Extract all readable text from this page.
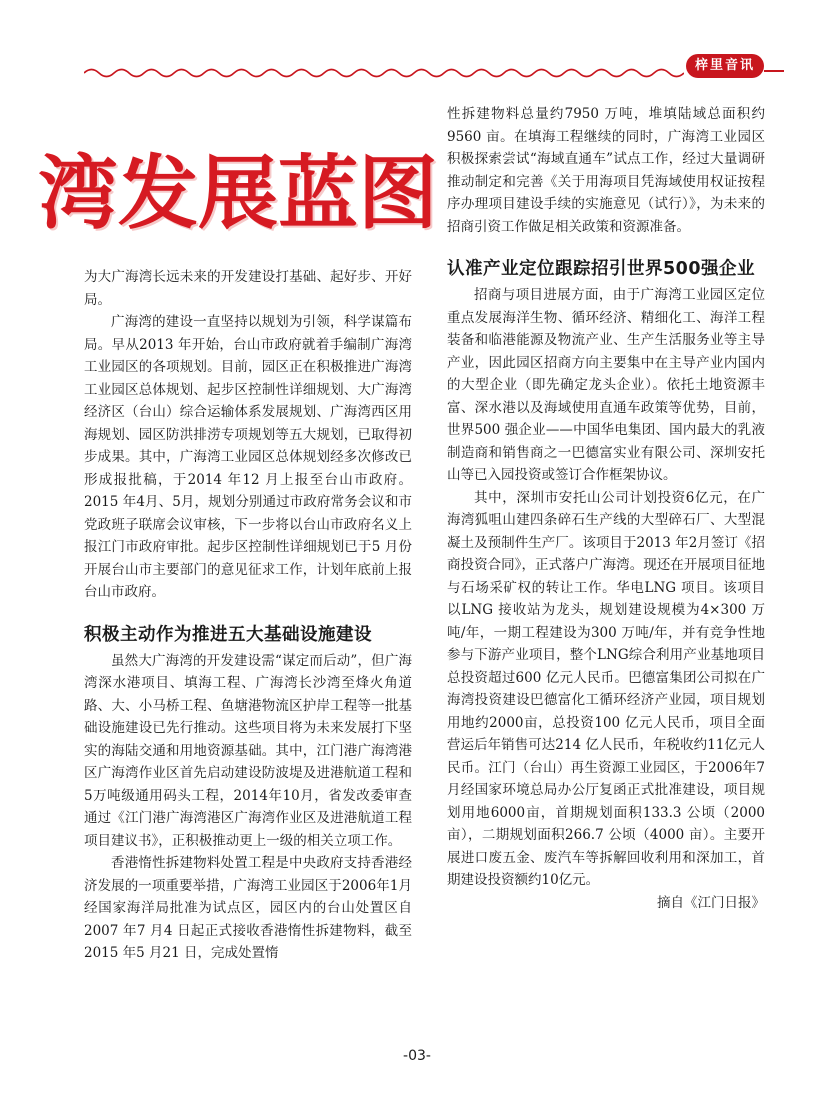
梓里音讯
湾发展蓝图

为大广海湾长远未来的开发建设打基础、起好步、开好局。

广海湾的建设一直坚持以规划为引领，科学谋篇布局。早从2013 年开始，台山市政府就着手编制广海湾工业园区的各项规划。目前，园区正在积极推进广海湾工业园区总体规划、起步区控制性详细规划、大广海湾经济区（台山）综合运输体系发展规划、广海湾西区用海规划、园区防洪排涝专项规划等五大规划，已取得初步成果。其中，广海湾工业园区总体规划经多次修改已形成报批稿，于2014 年12 月上报至台山市政府。2015 年4月、5月，规划分别通过市政府常务会议和市党政班子联席会议审核，下一步将以台山市政府名义上报江门市政府审批。起步区控制性详细规划已于5 月份开展台山市主要部门的意见征求工作，计划年底前上报台山市政府。

积极主动作为推进五大基础设施建设

虽然大广海湾的开发建设需“谋定而后动”，但广海湾深水港项目、填海工程、广海湾长沙湾至烽火角道路、大、小马桥工程、鱼塘港物流区护岸工程等一批基础设施建设已先行推动。这些项目将为未来发展打下坚实的海陆交通和用地资源基础。其中，江门港广海湾港区广海湾作业区首先启动建设防波堤及进港航道工程和5万吨级通用码头工程，2014年10月，省发改委审查通过《江门港广海湾港区广海湾作业区及进港航道工程项目建议书》，正积极推动更上一级的相关立项工作。

香港惰性拆建物料处置工程是中央政府支持香港经济发展的一项重要举措，广海湾工业园区于2006年1月经国家海洋局批准为试点区，园区内的台山处置区自2007 年7 月4 日起正式接收香港惰性拆建物料，截至2015 年5 月21 日，完成处置惰

性拆建物料总量约7950 万吨，堆填陆域总面积约9560 亩。在填海工程继续的同时，广海湾工业园区积极探索尝试“海域直通车”试点工作，经过大量调研推动制定和完善《关于用海项目凭海域使用权证按程序办理项目建设手续的实施意见（试行）》，为未来的招商引资工作做足相关政策和资源准备。

认准产业定位跟踪招引世界500强企业

招商与项目进展方面，由于广海湾工业园区定位重点发展海洋生物、循环经济、精细化工、海洋工程装备和临港能源及物流产业、生产生活服务业等主导产业，因此园区招商方向主要集中在主导产业内国内的大型企业（即先确定龙头企业）。依托土地资源丰富、深水港以及海域使用直通车政策等优势，目前，世界500 强企业——中国华电集团、国内最大的乳液制造商和销售商之一巴德富实业有限公司、深圳安托山等已入园投资或签订合作框架协议。

其中，深圳市安托山公司计划投资6亿元，在广海湾狐咀山建四条碎石生产线的大型碎石厂、大型混凝土及预制件生产厂。该项目于2013 年2月签订《招商投资合同》，正式落户广海湾。现还在开展项目征地与石场采矿权的转让工作。华电LNG 项目。该项目以LNG 接收站为龙头，规划建设规模为4×300 万吨/年，一期工程建设为300 万吨/年，并有竞争性地参与下游产业项目，整个LNG综合利用产业基地项目总投资超过600 亿元人民币。巴德富集团公司拟在广海湾投资建设巴德富化工循环经济产业园，项目规划用地约2000亩，总投资100 亿元人民币，项目全面营运后年销售可达214 亿人民币，年税收约11亿元人民币。江门（台山）再生资源工业园区，于2006年7月经国家环境总局办公厅复函正式批准建设，项目规划用地6000亩，首期规划面积133.3 公顷（2000亩），二期规划面积266.7 公顷（4000 亩）。主要开展进口废五金、废汽车等拆解回收利用和深加工，首期建设投资额约10亿元。

摘自《江门日报》

-03-
